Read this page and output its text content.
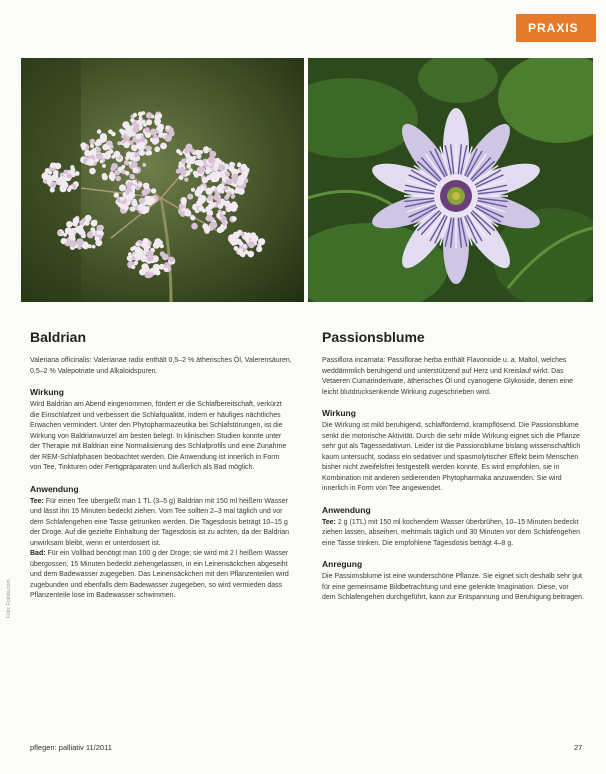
PRAXIS
Baldrian	Passionsblume

Valeriana officinalis: Valerianae radix enthält 0,5–2 % ätherisches Öl, Valerensäuren, 0,5–2 % Valepotriate und Alkaloidspuren.

Wirkung

Wird Baldrian am Abend eingenommen, fördert er die Schlafbereitschaft, verkürzt die Einschlafzeit und verbessert die Schlafqualität, indem er häufiges nächtliches Erwachen vermindert. Unter den Phytopharmazeutika bei Schlafstörungen, ist die Wirkung von Baldrianwurzel am besten belegt. In klinischen Studien konnte unter der Therapie mit Baldrian eine Normalisierung des Schlafprofils und eine Zunahme der REM-Schlafphasen beobachtet werden. Die Anwendung ist innerlich in Form von Tee, Tinkturen oder Fertigpräparaten und äußerlich als Bad möglich.

Anwendung

Tee: Für einen Tee übergießt man 1 TL (3–5 g) Baldrian mit 150 ml heißem Wasser und lässt ihn 15 Minuten bedeckt ziehen. Vom Tee sollten 2–3 mal täglich und vor dem Schlafengehen eine Tasse getrunken werden. Die Tagesdosis beträgt 10–15 g der Droge. Auf die gezielte Einhaltung der Tagesdosis ist zu achten, da der Baldrian unwirksam bleibt, wenn er unterdosiert ist.

Bad: Für ein Vollbad benötigt man 100 g der Droge; sie wird mit 2 l heißem Wasser übergossen, 15 Minuten bedeckt ziehengelassen, in ein Leinensäckchen abgeseiht und dem Badewasser zugegeben. Das Leinensäckchen mit den Pflanzenteilen wird zugebunden und ebenfalls dem Badewasser zugegeben, so wird vermieden dass Pflanzenteile lose im Badewasser schwimmen.

Passiflora incarnata: Passiflorae herba enthält Flavonoide u. a. Maltol, welches weddämmlich beruhigend und unterstützend auf Herz und Kreislauf wirkt. Das Vetaeren Cumarinderivate, ätherisches Öl und cyanogene Glykoside, denen eine leicht blutdrucksenkende Wirkung zugeschrieben wird.

Wirkung

Die Wirkung ist mild beruhigend, schlaffördernd, krampflösend. Die Passionsblume senkt die motorische Aktivität. Durch die sehr milde Wirkung eignet sich die Pflanze sehr gut als Tagessedativum. Leider ist die Passionsblume bislang wissenschaftlich kaum untersucht, sodass ein sedativer und spasmolytischer Effekt beim Menschen bisher nicht zweifelsfrei festgestellt werden konnte. Es wird empfohlen, sie in Kombination mit anderen sedierenden Phytopharmaka anzuwenden. Sie wird innerlich in Form von Tee angewendet.

Anwendung

Tee: 2 g (1TL) mit 150 ml kochendem Wasser überbrühen, 10–15 Minuten bedeckt ziehen lassen, abseihen, mehrmals täglich und 30 Minuten vor dem Schlafengehen eine Tasse trinken. Die empfohlene Tagesdosis beträgt 4–8 g.

Anregung

Die Passionsblume ist eine wunderschöne Pflanze. Sie eignet sich deshalb sehr gut für eine gemeinsame Bildbetrachtung und eine gelenkte Imagination. Diese, vor dem Schlafengehen durchgeführt, kann zur Entspannung und Beruhigung beitragen.

Foto: Fotolia.com
pflegen: palliativ 11/2011	27
